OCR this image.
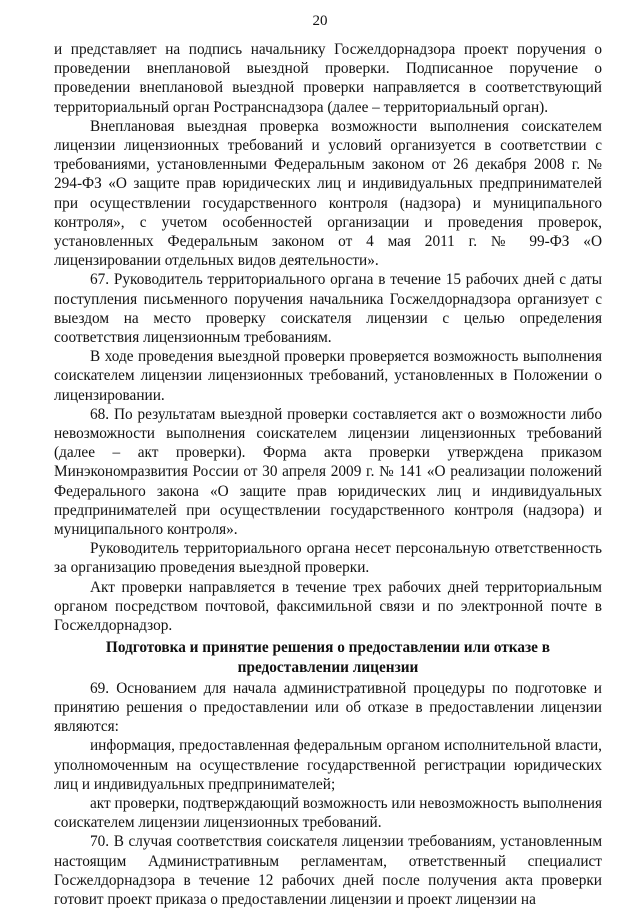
20

и представляет на подпись начальнику Госжелдорнадзора проект поручения о проведении внеплановой выездной проверки. Подписанное поручение о проведении внеплановой выездной проверки направляется в соответствующий территориальный орган Ространснадзора (далее – территориальный орган).

Внеплановая выездная проверка возможности выполнения соискателем лицензии лицензионных требований и условий организуется в соответствии с требованиями, установленными Федеральным законом от 26 декабря 2008 г. № 294-ФЗ «О защите прав юридических лиц и индивидуальных предпринимателей при осуществлении государственного контроля (надзора) и муниципального контроля», с учетом особенностей организации и проведения проверок, установленных Федеральным законом от 4 мая 2011 г. № 99-ФЗ «О лицензировании отдельных видов деятельности».

67. Руководитель территориального органа в течение 15 рабочих дней с даты поступления письменного поручения начальника Госжелдорнадзора организует с выездом на место проверку соискателя лицензии с целью определения соответствия лицензионным требованиям.

В ходе проведения выездной проверки проверяется возможность выполнения соискателем лицензии лицензионных требований, установленных в Положении о лицензировании.

68. По результатам выездной проверки составляется акт о возможности либо невозможности выполнения соискателем лицензии лицензионных требований (далее – акт проверки). Форма акта проверки утверждена приказом Минэкономразвития России от 30 апреля 2009 г. № 141 «О реализации положений Федерального закона «О защите прав юридических лиц и индивидуальных предпринимателей при осуществлении государственного контроля (надзора) и муниципального контроля».

Руководитель территориального органа несет персональную ответственность за организацию проведения выездной проверки.

Акт проверки направляется в течение трех рабочих дней территориальным органом посредством почтовой, факсимильной связи и по электронной почте в Госжелдорнадзор.

Подготовка и принятие решения о предоставлении или отказе в
предоставлении лицензии

69. Основанием для начала административной процедуры по подготовке и принятию решения о предоставлении или об отказе в предоставлении лицензии являются:

информация, предоставленная федеральным органом исполнительной власти, уполномоченным на осуществление государственной регистрации юридических лиц и индивидуальных предпринимателей;

акт проверки, подтверждающий возможность или невозможность выполнения соискателем лицензии лицензионных требований.

70. В случая соответствия соискателя лицензии требованиям, установленным настоящим Административным регламентам, ответственный специалист Госжелдорнадзора в течение 12 рабочих дней после получения акта проверки готовит проект приказа о предоставлении лицензии и проект лицензии на
